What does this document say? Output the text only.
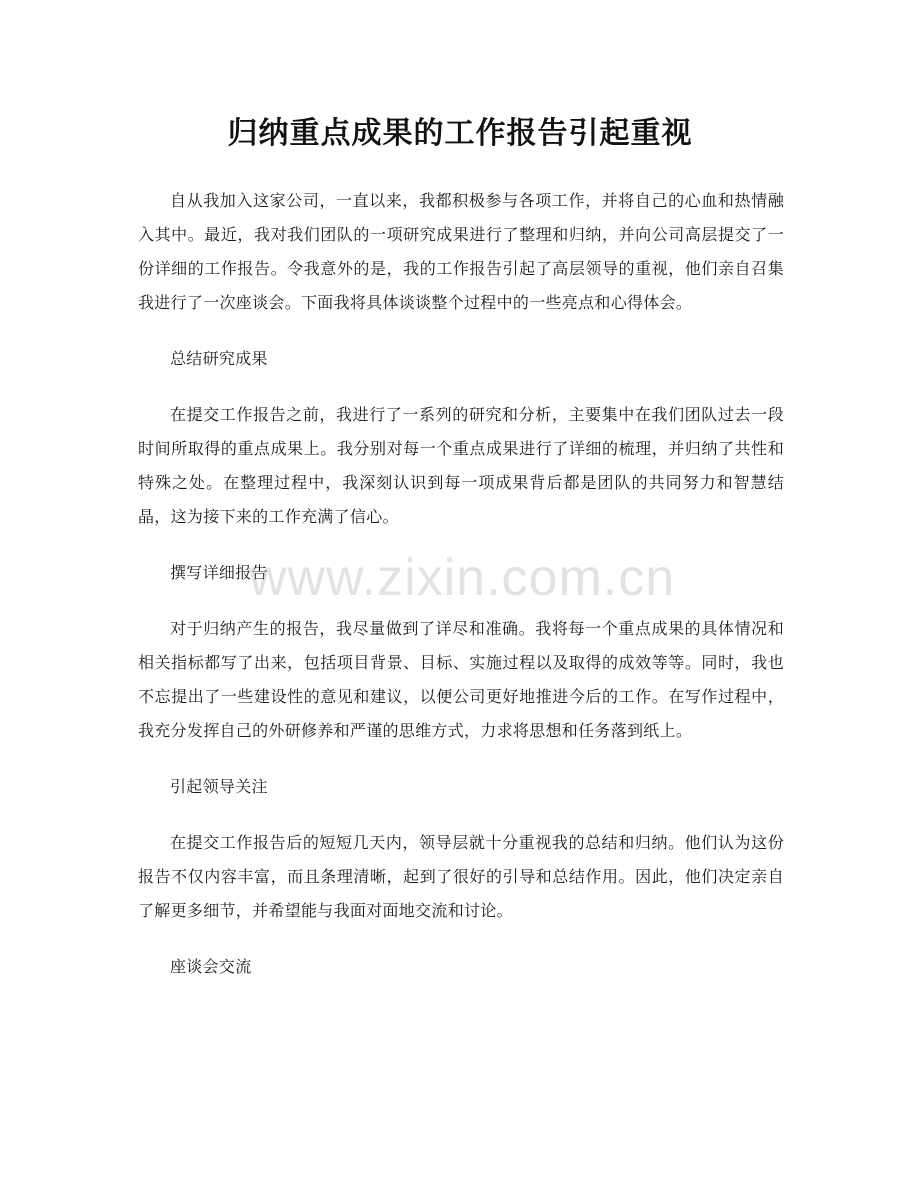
归纳重点成果的工作报告引起重视

自从我加入这家公司，一直以来，我都积极参与各项工作，并将自己的心血和热情融入其中。最近，我对我们团队的一项研究成果进行了整理和归纳，并向公司高层提交了一份详细的工作报告。令我意外的是，我的工作报告引起了高层领导的重视，他们亲自召集我进行了一次座谈会。下面我将具体谈谈整个过程中的一些亮点和心得体会。

总结研究成果

在提交工作报告之前，我进行了一系列的研究和分析，主要集中在我们团队过去一段时间所取得的重点成果上。我分别对每一个重点成果进行了详细的梳理，并归纳了共性和特殊之处。在整理过程中，我深刻认识到每一项成果背后都是团队的共同努力和智慧结晶，这为接下来的工作充满了信心。

撰写详细报告

对于归纳产生的报告，我尽量做到了详尽和准确。我将每一个重点成果的具体情况和相关指标都写了出来，包括项目背景、目标、实施过程以及取得的成效等等。同时，我也不忘提出了一些建设性的意见和建议，以便公司更好地推进今后的工作。在写作过程中，我充分发挥自己的外研修养和严谨的思维方式，力求将思想和任务落到纸上。

引起领导关注

在提交工作报告后的短短几天内，领导层就十分重视我的总结和归纳。他们认为这份报告不仅内容丰富，而且条理清晰，起到了很好的引导和总结作用。因此，他们决定亲自了解更多细节，并希望能与我面对面地交流和讨论。

座谈会交流

www.zixin.com.cn
